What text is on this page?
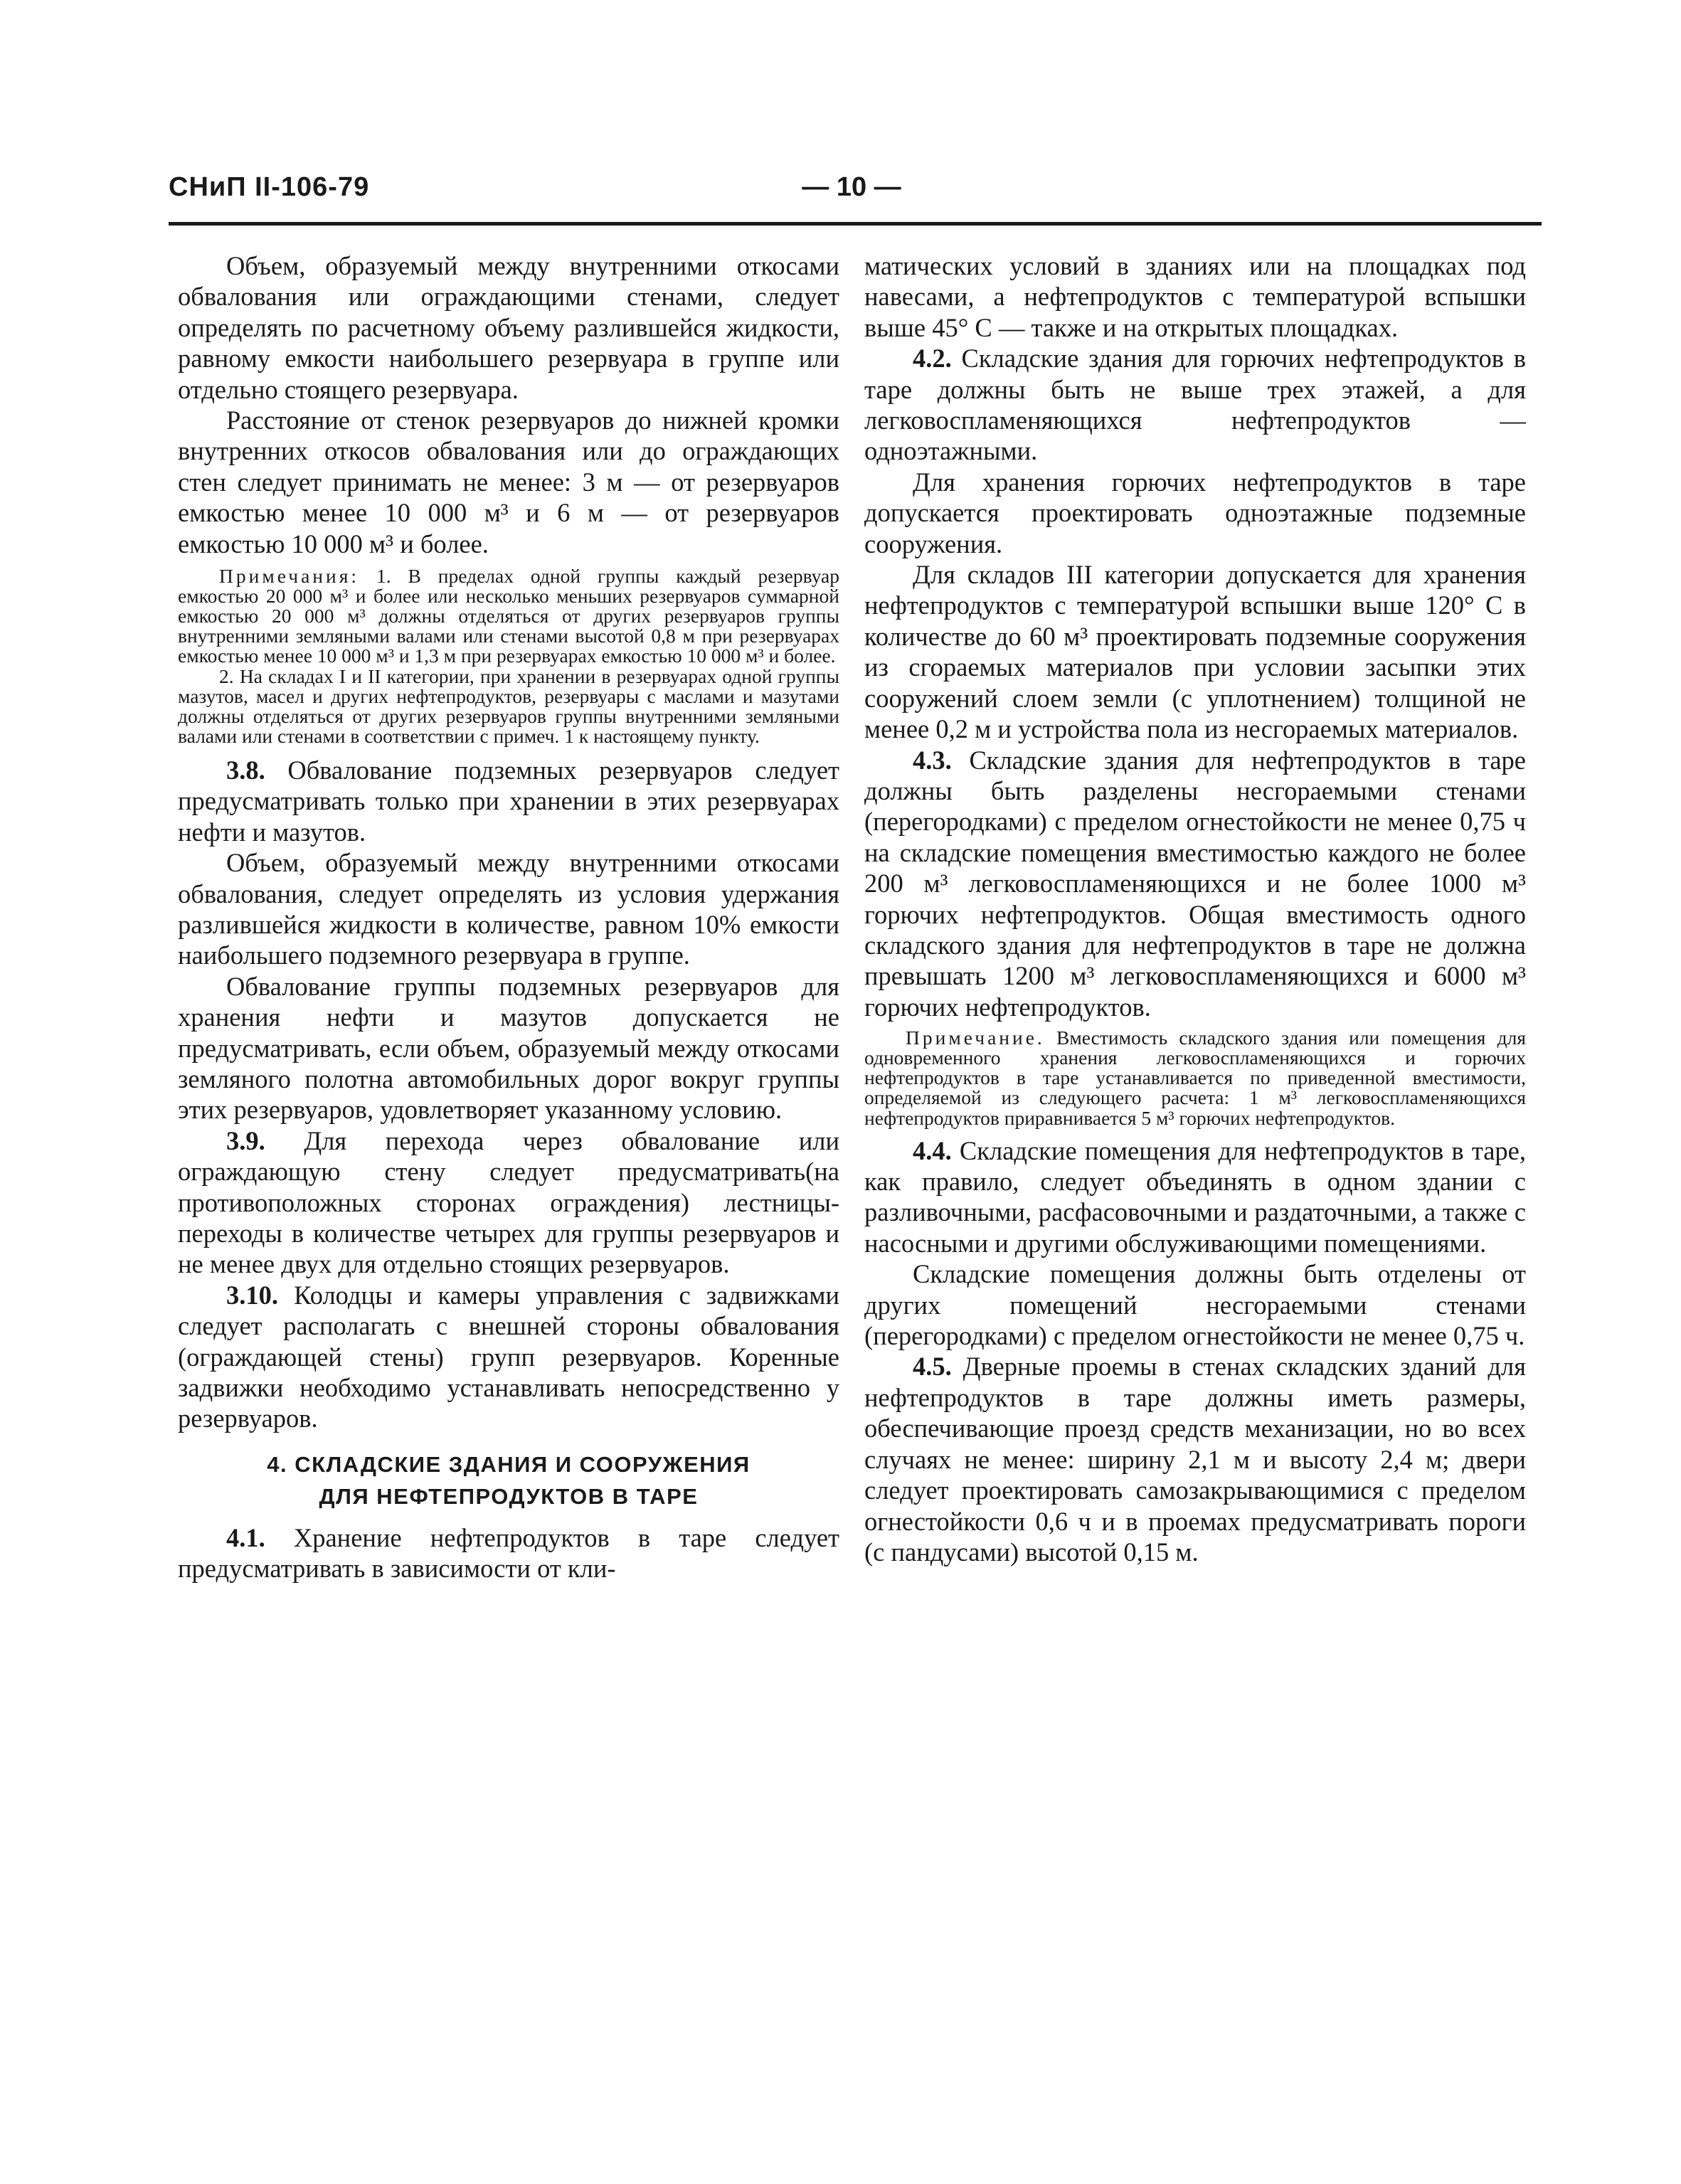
СНиП II-106-79	— 10 —

Объем, образуемый между внутренними откосами обвалования или ограждающими стенами, следует определять по расчетному объему разлившейся жидкости, равному емкости наибольшего резервуара в группе или отдельно стоящего резервуара.

Расстояние от стенок резервуаров до нижней кромки внутренних откосов обвалования или до ограждающих стен следует принимать не менее: 3 м — от резервуаров емкостью менее 10 000 м³ и 6 м — от резервуаров емкостью 10 000 м³ и более.

Примечания: 1. В пределах одной группы каждый резервуар емкостью 20 000 м³ и более или несколько меньших резервуаров суммарной емкостью 20 000 м³ должны отделяться от других резервуаров группы внутренними земляными валами или стенами высотой 0,8 м при резервуарах емкостью менее 10 000 м³ и 1,3 м при резервуарах емкостью 10 000 м³ и более.

2. На складах I и II категории, при хранении в резервуарах одной группы мазутов, масел и других нефтепродуктов, резервуары с маслами и мазутами должны отделяться от других резервуаров группы внутренними земляными валами или стенами в соответствии с примеч. 1 к настоящему пункту.

3.8. Обвалование подземных резервуаров следует предусматривать только при хранении в этих резервуарах нефти и мазутов.

Объем, образуемый между внутренними откосами обвалования, следует определять из условия удержания разлившейся жидкости в количестве, равном 10% емкости наибольшего подземного резервуара в группе.

Обвалование группы подземных резервуаров для хранения нефти и мазутов допускается не предусматривать, если объем, образуемый между откосами земляного полотна автомобильных дорог вокруг группы этих резервуаров, удовлетворяет указанному условию.

3.9. Для перехода через обвалование или ограждающую стену следует предусматривать(на противоположных сторонах ограждения) лестницы-переходы в количестве четырех для группы резервуаров и не менее двух для отдельно стоящих резервуаров.

3.10. Колодцы и камеры управления с задвижками следует располагать с внешней стороны обвалования (ограждающей стены) групп резервуаров. Коренные задвижки необходимо устанавливать непосредственно у резервуаров.

4. СКЛАДСКИЕ ЗДАНИЯ И СООРУЖЕНИЯ
ДЛЯ НЕФТЕПРОДУКТОВ В ТАРЕ

4.1. Хранение нефтепродуктов в таре следует предусматривать в зависимости от кли-

матических условий в зданиях или на площадках под навесами, а нефтепродуктов с температурой вспышки выше 45° С — также и на открытых площадках.

4.2. Складские здания для горючих нефтепродуктов в таре должны быть не выше трех этажей, а для легковоспламеняющихся нефтепродуктов — одноэтажными.

Для хранения горючих нефтепродуктов в таре допускается проектировать одноэтажные подземные сооружения.

Для складов III категории допускается для хранения нефтепродуктов с температурой вспышки выше 120° С в количестве до 60 м³ проектировать подземные сооружения из сгораемых материалов при условии засыпки этих сооружений слоем земли (с уплотнением) толщиной не менее 0,2 м и устройства пола из несгораемых материалов.

4.3. Складские здания для нефтепродуктов в таре должны быть разделены несгораемыми стенами (перегородками) с пределом огнестойкости не менее 0,75 ч на складские помещения вместимостью каждого не более 200 м³ легковоспламеняющихся и не более 1000 м³ горючих нефтепродуктов. Общая вместимость одного складского здания для нефтепродуктов в таре не должна превышать 1200 м³ легковоспламеняющихся и 6000 м³ горючих нефтепродуктов.

Примечание. Вместимость складского здания или помещения для одновременного хранения легковоспламеняющихся и горючих нефтепродуктов в таре устанавливается по приведенной вместимости, определяемой из следующего расчета: 1 м³ легковоспламеняющихся нефтепродуктов приравнивается 5 м³ горючих нефтепродуктов.

4.4. Складские помещения для нефтепродуктов в таре, как правило, следует объединять в одном здании с разливочными, расфасовочными и раздаточными, а также с насосными и другими обслуживающими помещениями.

Складские помещения должны быть отделены от других помещений несгораемыми стенами (перегородками) с пределом огнестойкости не менее 0,75 ч.

4.5. Дверные проемы в стенах складских зданий для нефтепродуктов в таре должны иметь размеры, обеспечивающие проезд средств механизации, но во всех случаях не менее: ширину 2,1 м и высоту 2,4 м; двери следует проектировать самозакрывающимися с пределом огнестойкости 0,6 ч и в проемах предусматривать пороги (с пандусами) высотой 0,15 м.
